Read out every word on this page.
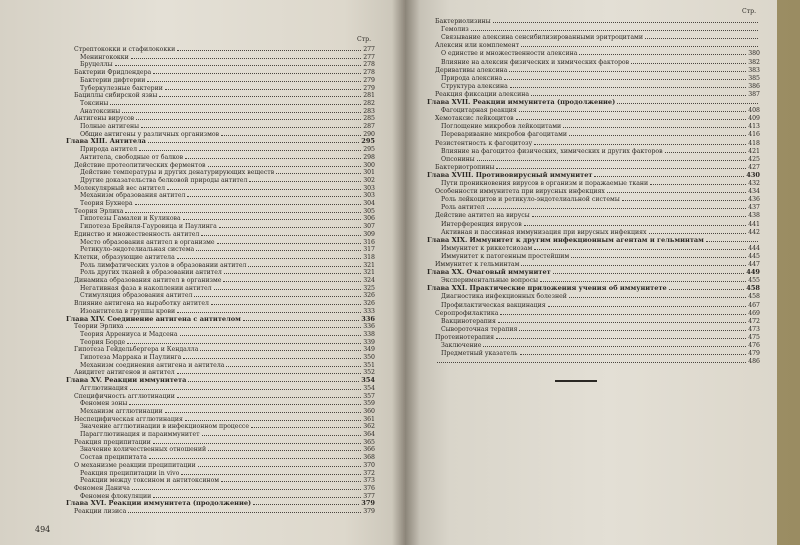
Стр.
Стрептококки и стафилококки	277
Менингококки	277
Бруцеллы	278
Бактерии Фридлендера	278
Бактерии дифтерии	279
Туберкулезные бактерии	279
Бациллы сибирской язвы	281
Токсины	282
Анатоксины	283
Антигены вирусов	285
Полные антигены	287
Общие антигены у различных организмов	290
Глава XIII. Антитела	295
Природа антител	295
Антитела, свободные от балков	298
Действие протеолитических ферментов	300
Действие температуры и других денатурирующих веществ	301
Другие доказательства белковой природы антител	302
Молекулярный вес антител	303
Механизм образования антител	303
Теория Бухнера	304
Теория Эрлиха	305
Гипотезы Гамалеи и Куликова	306
Гипотеза Брейнля-Гауровица и Паулинга	307
Единство и множественность антител	309
Место образования антител в организме	316
Ретикуло-эндотелиальная система	317
Клетки, образующие антитела	318
Роль лимфатических узлов в образовании антител	321
Роль других тканей в образовании антител	321
Динамика образования антител в организме	324
Негативная фаза в накоплении антител	325
Стимуляция образования антител	326
Влияние антигена на выработку антител	326
Изоантитела в группы крови	333
Глава XIV. Соединение антигена с антителом	336
Теории Эрлиха	336
Теория Аррениуса и Мадсена	338
Теория Борде	339
Гипотеза Гейдельбергера и Кендалла	349
Гипотеза Маррака и Паулинга	350
Механизм соединения антигена и антитела	351
Авидитет антигенов и антител	352
Глава XV. Реакции иммунитета	354
Агглютинация	354
Специфичность агглютинации	357
Феномен зоны	359
Механизм агглютинации	360
Неспецифическая агглютинация	361
Значение агглютинации в инфекционном процессе	362
Парагглютинация и параиммунитет	364
Реакция преципитации	365
Значение количественных отношений	366
Состав преципитата	368
О механизме реакции преципитации	370
Реакция преципитации in vivo	372
Реакции между токсином и антитоксином	373
Феномен Данича	376
Феномен флокуляции	377
Глава XVI. Реакции иммунитета (продолжение)	379
Реакции лизиса	379
494
Стр.
Бактериолизины
Гемолиз
Связывание алексина сенсибилизированными эритроцитами
Алексин или комплемент
О единстве и множественности алексина	380
Влияние на алексин физических и химических факторов	382
Деривативы алексина	383
Природа алексина	385
Структура алексина	386
Реакция фиксации алексина	387
Глава XVII. Реакции иммунитета (продолжение)
Фагоцитарная реакция	408
Хемотаксис лейкоцитов	409
Поглощение микробов лейкоцитами	413
Переваривание микробов фагоцитами	416
Резистентность к фагоцитозу	418
Влияние на фагоцитоз физических, химических и других факторов	421
Опсонины	425
Бактериотропины	427
Глава XVIII. Противовирусный иммунитет	430
Пути проникновения вирусов в организм и поражаемые ткани	432
Особенности иммунитета при вирусных инфекциях	434
Роль лейкоцитов и ретикуло-эндотелиальной системы	436
Роль антител	437
Действие антител на вирусы	438
Интерференция вирусов	441
Активная и пассивная иммунизация при вирусных инфекциях	442
Глава XIX. Иммунитет к другим инфекционным агентам и гельминтам
Иммунитет к риккетсиозам	444
Иммунитет к патогенным простейшим	445
Иммунитет к гельминтам	447
Глава XX. Очаговый иммунитет	449
Экспериментальные вопросы	455
Глава XXI. Практические приложения учения об иммунитете	458
Диагностика инфекционных болезней	458
Профилактическая вакцинация	467
Серопрофилактика	469
Вакцинотерапия	472
Сывороточная терапия	473
Протеинотерапия	475
Заключение	476
Предметный указатель	479
486
